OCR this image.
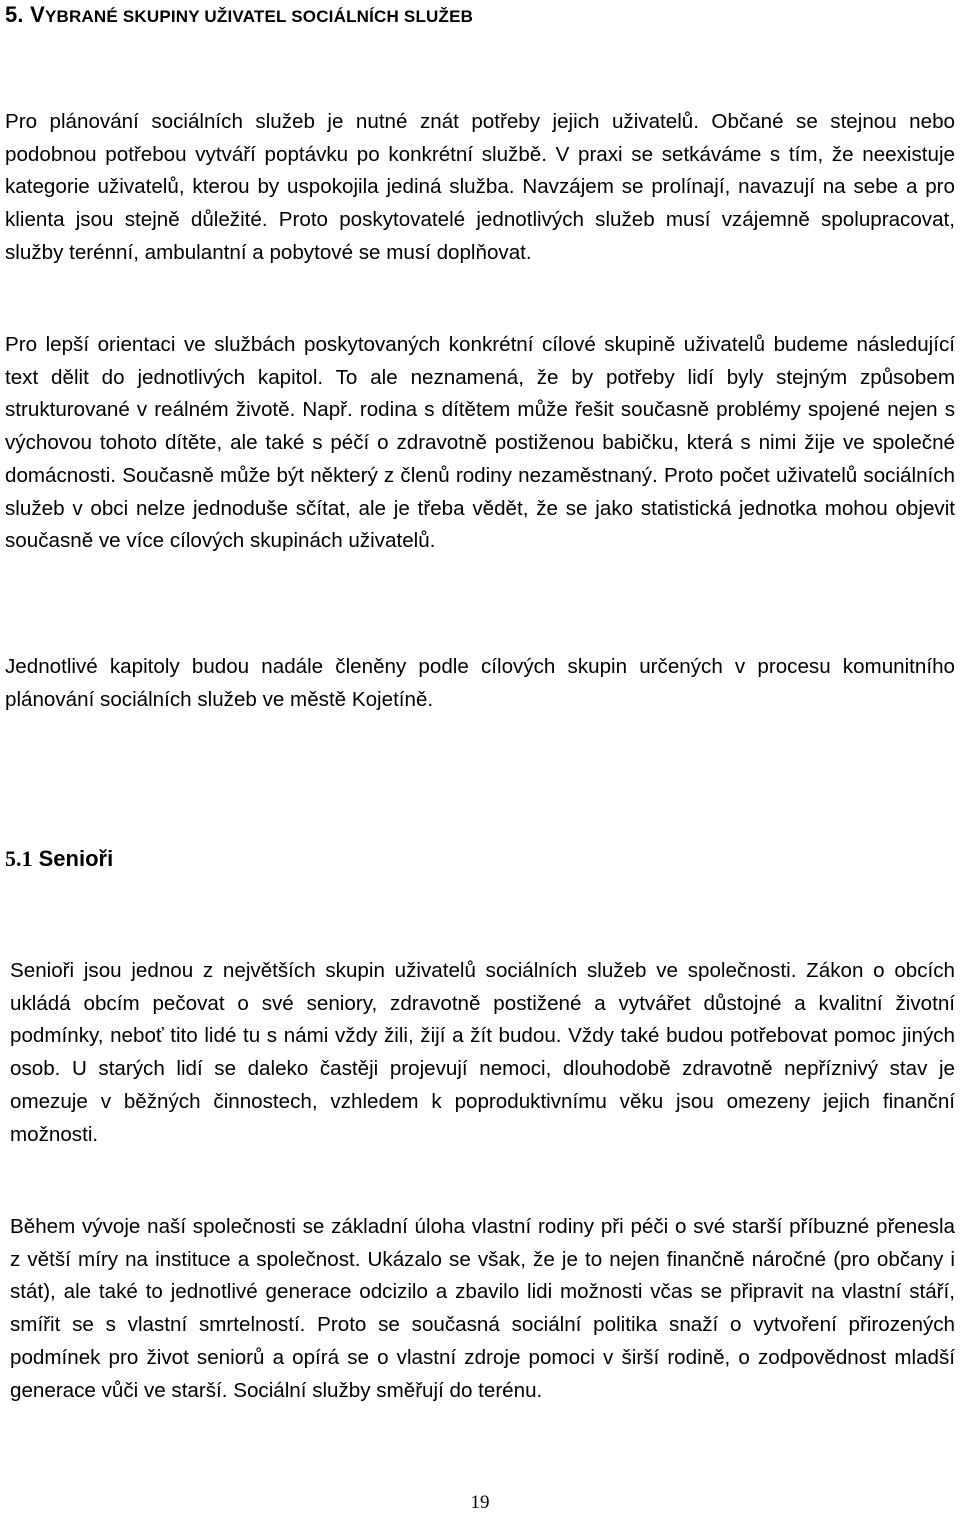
5. VYBRANÉ SKUPINY UŽIVATEL SOCIÁLNÍCH SLUŽEB

Pro plánování sociálních služeb je nutné znát potřeby jejich uživatelů. Občané se stejnou nebo podobnou potřebou vytváří poptávku po konkrétní službě. V praxi se setkáváme s tím, že neexistuje kategorie uživatelů, kterou by uspokojila jediná služba. Navzájem se prolínají, navazují na sebe a pro klienta jsou stejně důležité. Proto poskytovatelé jednotlivých služeb musí vzájemně spolupracovat, služby terénní, ambulantní a pobytové se musí doplňovat.

Pro lepší orientaci ve službách poskytovaných konkrétní cílové skupině uživatelů budeme následující text dělit do jednotlivých kapitol. To ale neznamená, že by potřeby lidí byly stejným způsobem strukturované v reálném životě. Např. rodina s dítětem může řešit současně problémy spojené nejen s výchovou tohoto dítěte, ale také s péčí o zdravotně postiženou babičku, která s nimi žije ve společné domácnosti. Současně může být některý z členů rodiny nezaměstnaný. Proto počet uživatelů sociálních služeb v obci nelze jednoduše sčítat, ale je třeba vědět, že se jako statistická jednotka mohou objevit současně ve více cílových skupinách uživatelů.

Jednotlivé kapitoly budou nadále členěny podle cílových skupin určených v procesu komunitního plánování sociálních služeb ve městě Kojetíně.

5.1 Senioři

Senioři jsou jednou z největších skupin uživatelů sociálních služeb ve společnosti. Zákon o obcích ukládá obcím pečovat o své seniory, zdravotně postižené a vytvářet důstojné a kvalitní životní podmínky, neboť tito lidé tu s námi vždy žili, žijí a žít budou. Vždy také budou potřebovat pomoc jiných osob. U starých lidí se daleko častěji projevují nemoci, dlouhodobě zdravotně nepříznivý stav je omezuje v běžných činnostech, vzhledem k poproduktivnímu věku jsou omezeny jejich finanční možnosti.

Během vývoje naší společnosti se základní úloha vlastní rodiny při péči o své starší příbuzné přenesla z větší míry na instituce a společnost. Ukázalo se však, že je to nejen finančně náročné (pro občany i stát), ale také to jednotlivé generace odcizilo a zbavilo lidi možnosti včas se připravit na vlastní stáří, smířit se s vlastní smrtelností. Proto se současná sociální politika snaží o vytvoření přirozených podmínek pro život seniorů a opírá se o vlastní zdroje pomoci v širší rodině, o zodpovědnost mladší generace vůči ve starší. Sociální služby směřují do terénu.

19
